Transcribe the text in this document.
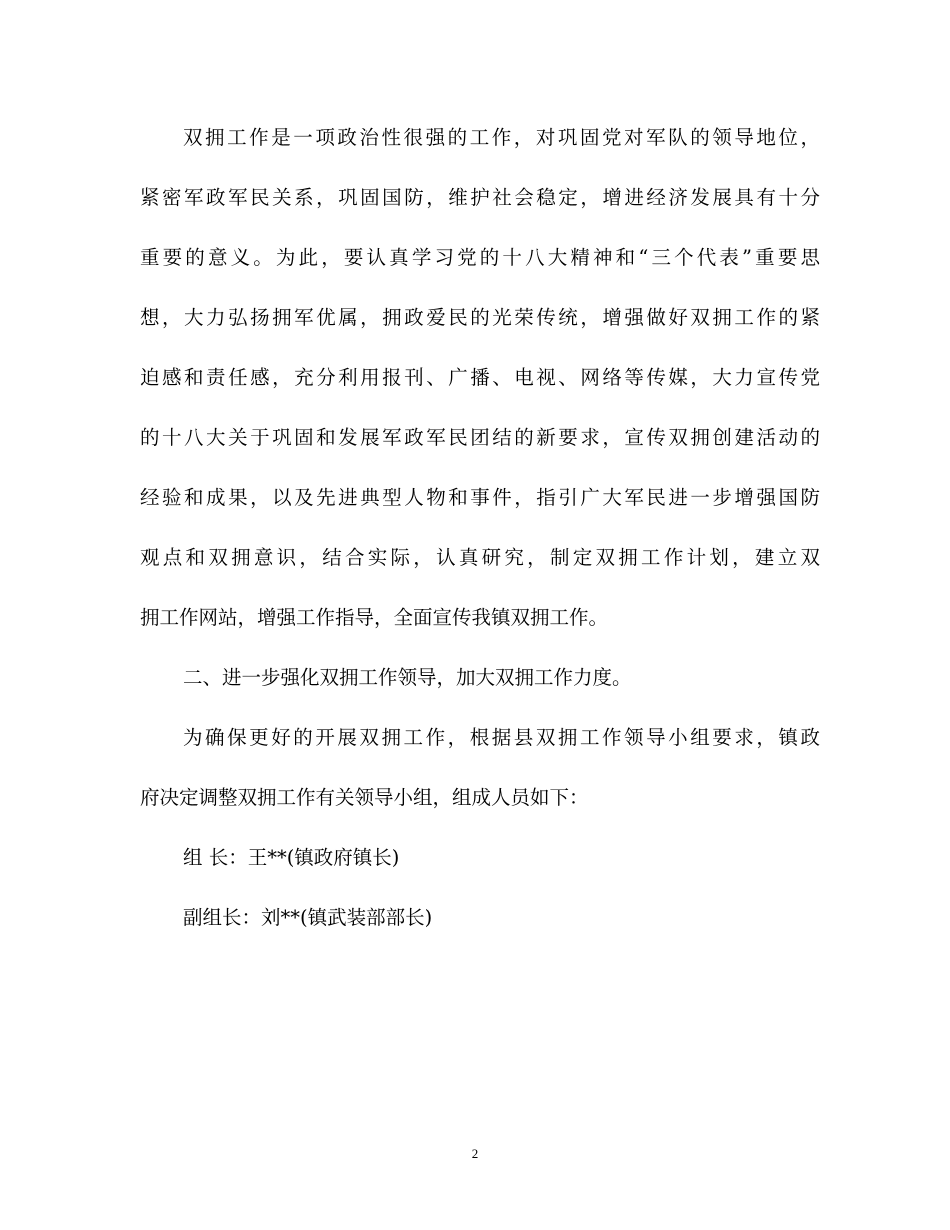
双拥工作是一项政治性很强的工作，对巩固党对军队的领导地位，
紧密军政军民关系，巩固国防，维护社会稳定，增进经济发展具有十分
重要的意义。为此，要认真学习党的十八大精神和“三个代表”重要思
想，大力弘扬拥军优属，拥政爱民的光荣传统，增强做好双拥工作的紧
迫感和责任感，充分利用报刊、广播、电视、网络等传媒，大力宣传党
的十八大关于巩固和发展军政军民团结的新要求，宣传双拥创建活动的
经验和成果，以及先进典型人物和事件，指引广大军民进一步增强国防
观点和双拥意识，结合实际，认真研究，制定双拥工作计划，建立双
拥工作网站，增强工作指导，全面宣传我镇双拥工作。
二、进一步强化双拥工作领导，加大双拥工作力度。
为确保更好的开展双拥工作，根据县双拥工作领导小组要求，镇政
府决定调整双拥工作有关领导小组，组成人员如下：
组 长：王**(镇政府镇长)
副组长：刘**(镇武装部部长)
2
